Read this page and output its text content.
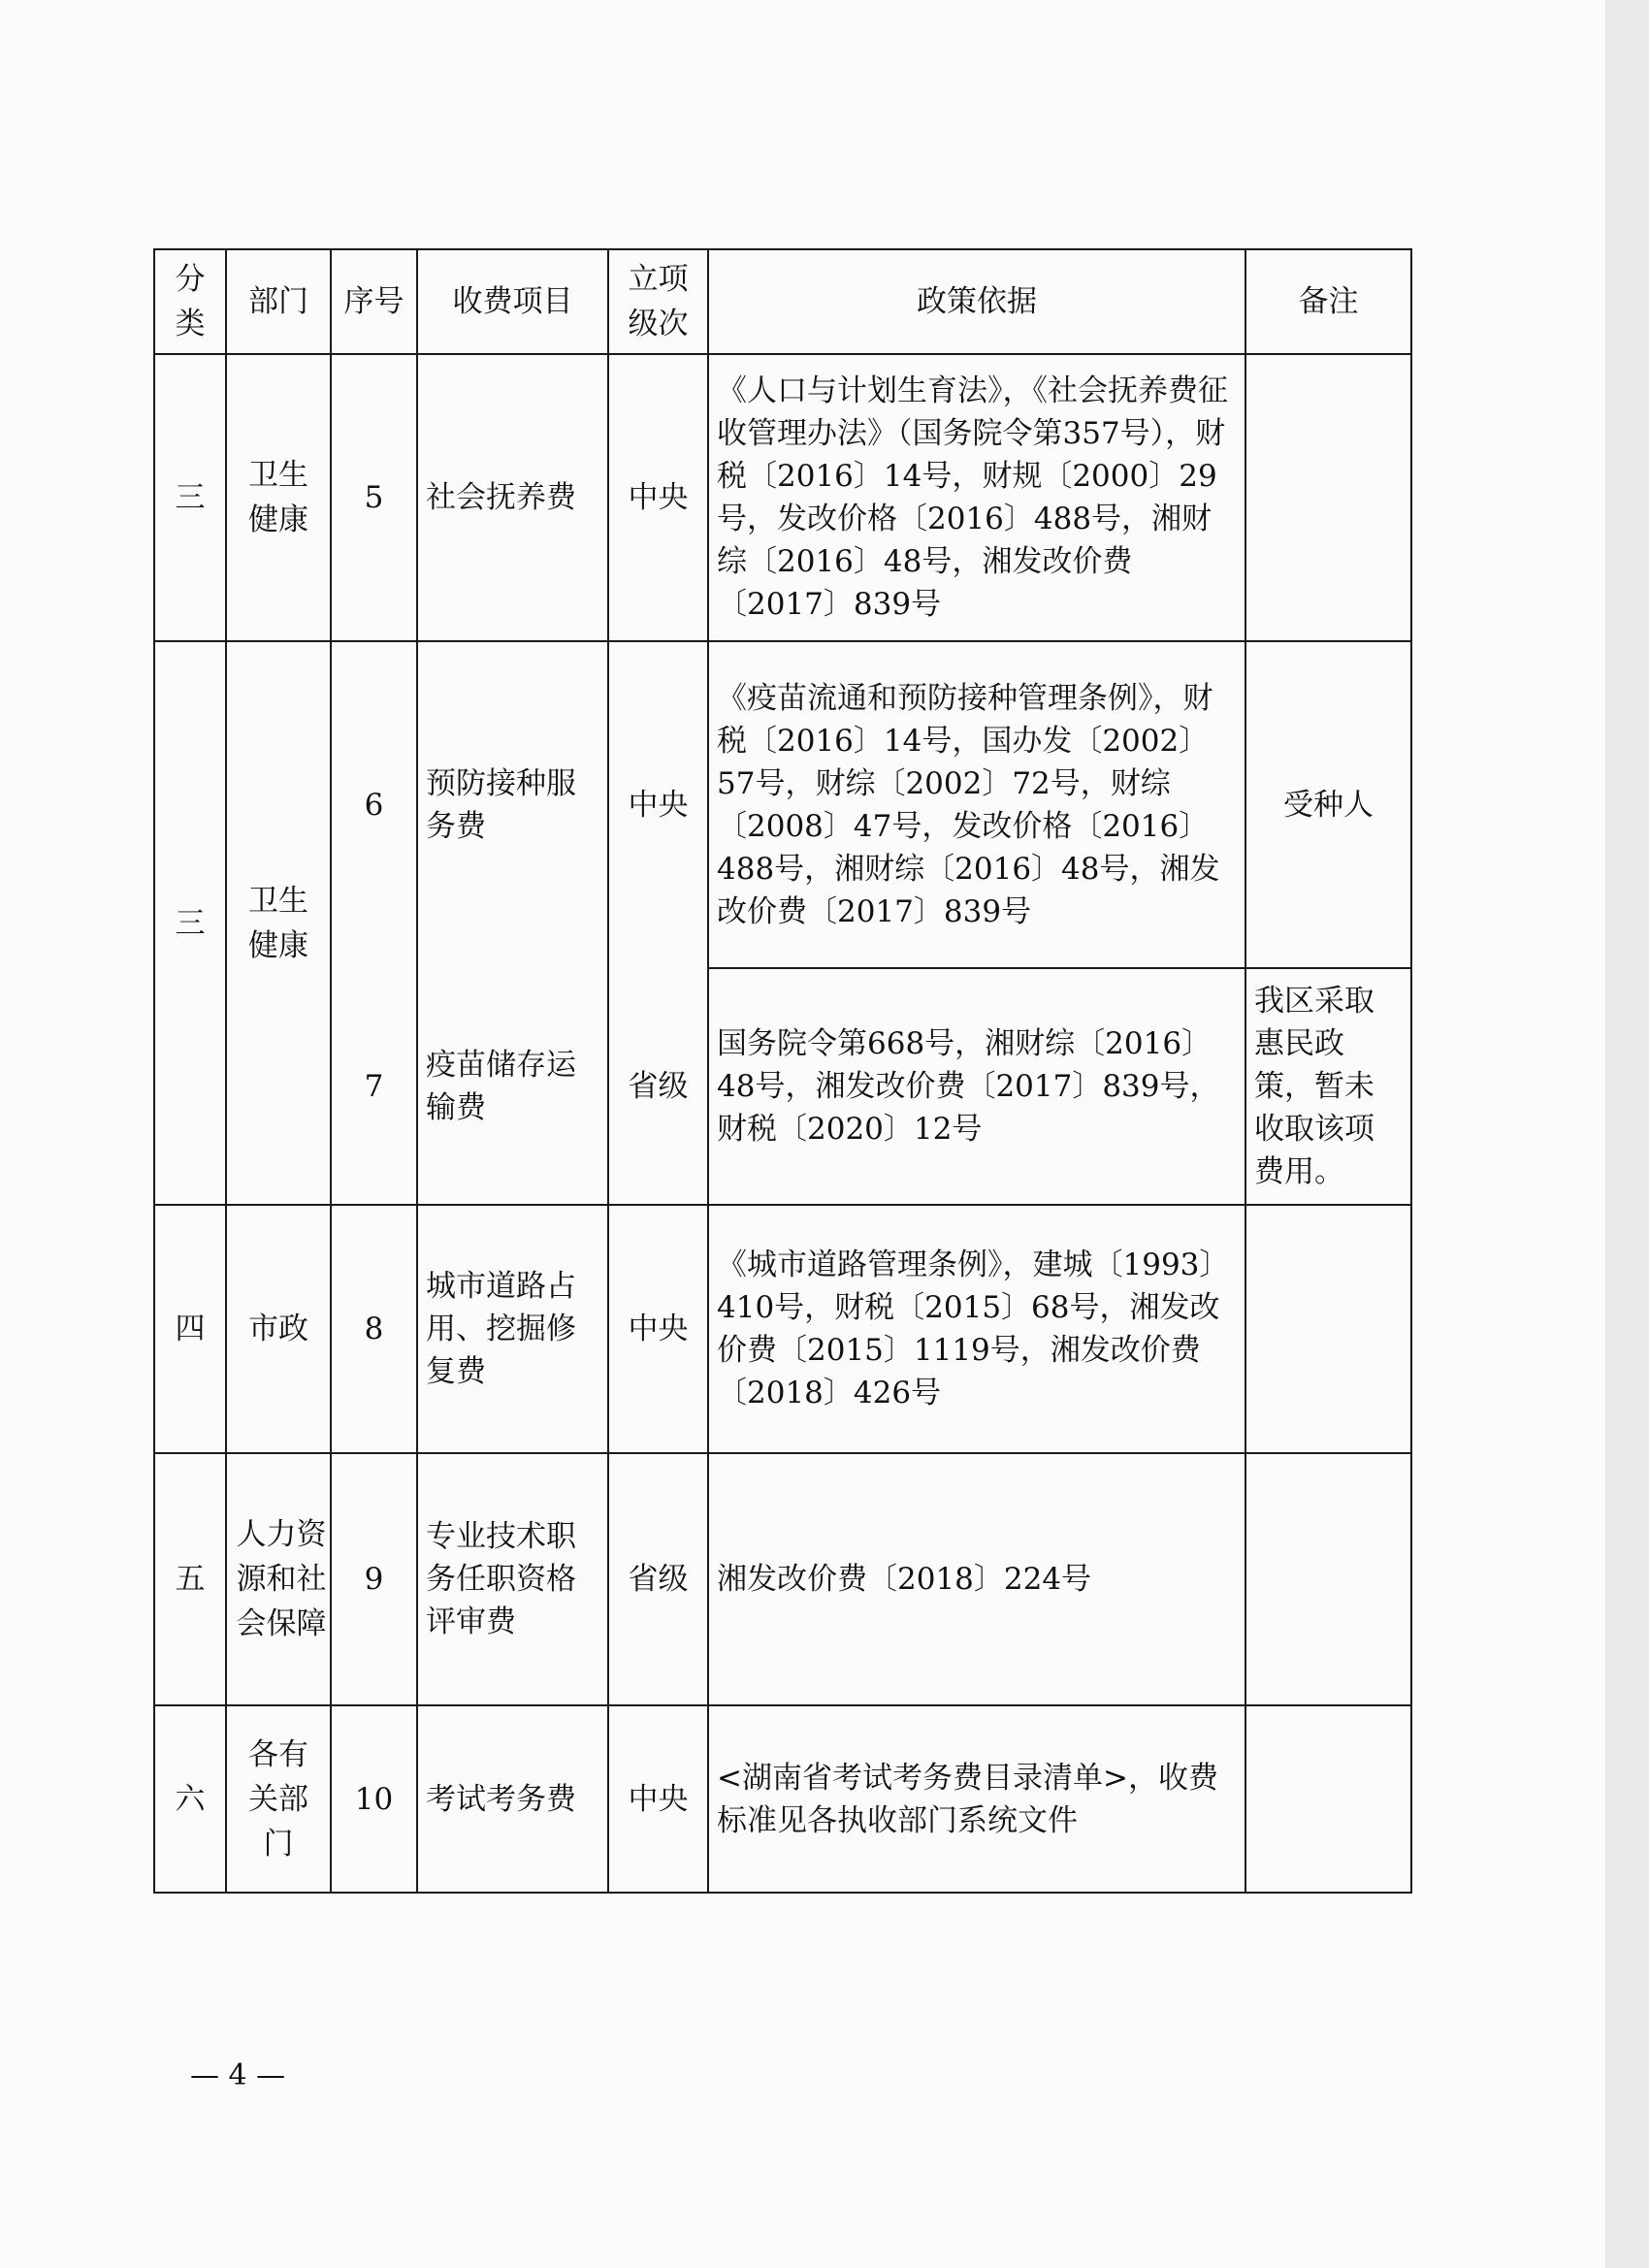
分类	部门	序号	收费项目	立项级次	政策依据	备注
三	卫生健康	5	社会抚养费	中央	《人口与计划生育法》，《社会抚养费征收管理办法》（国务院令第357号），财税〔2016〕14号，财规〔2000〕29号，发改价格〔2016〕488号，湘财综〔2016〕48号，湘发改价费〔2017〕839号	
三	卫生健康	6	预防接种服务费	中央	《疫苗流通和预防接种管理条例》，财税〔2016〕14号，国办发〔2002〕57号，财综〔2002〕72号，财综〔2008〕47号，发改价格〔2016〕488号，湘财综〔2016〕48号，湘发改价费〔2017〕839号	受种人
		7	疫苗储存运输费	省级	国务院令第668号，湘财综〔2016〕48号，湘发改价费〔2017〕839号，财税〔2020〕12号	我区采取惠民政策，暂未收取该项费用。
四	市政	8	城市道路占用、挖掘修复费	中央	《城市道路管理条例》，建城〔1993〕410号，财税〔2015〕68号，湘发改价费〔2015〕1119号，湘发改价费〔2018〕426号	
五	人力资源和社会保障	9	专业技术职务任职资格评审费	省级	湘发改价费〔2018〕224号	
六	各有关部门	10	考试考务费	中央	<湖南省考试考务费目录清单>，收费标准见各执收部门系统文件	
— 4 —
